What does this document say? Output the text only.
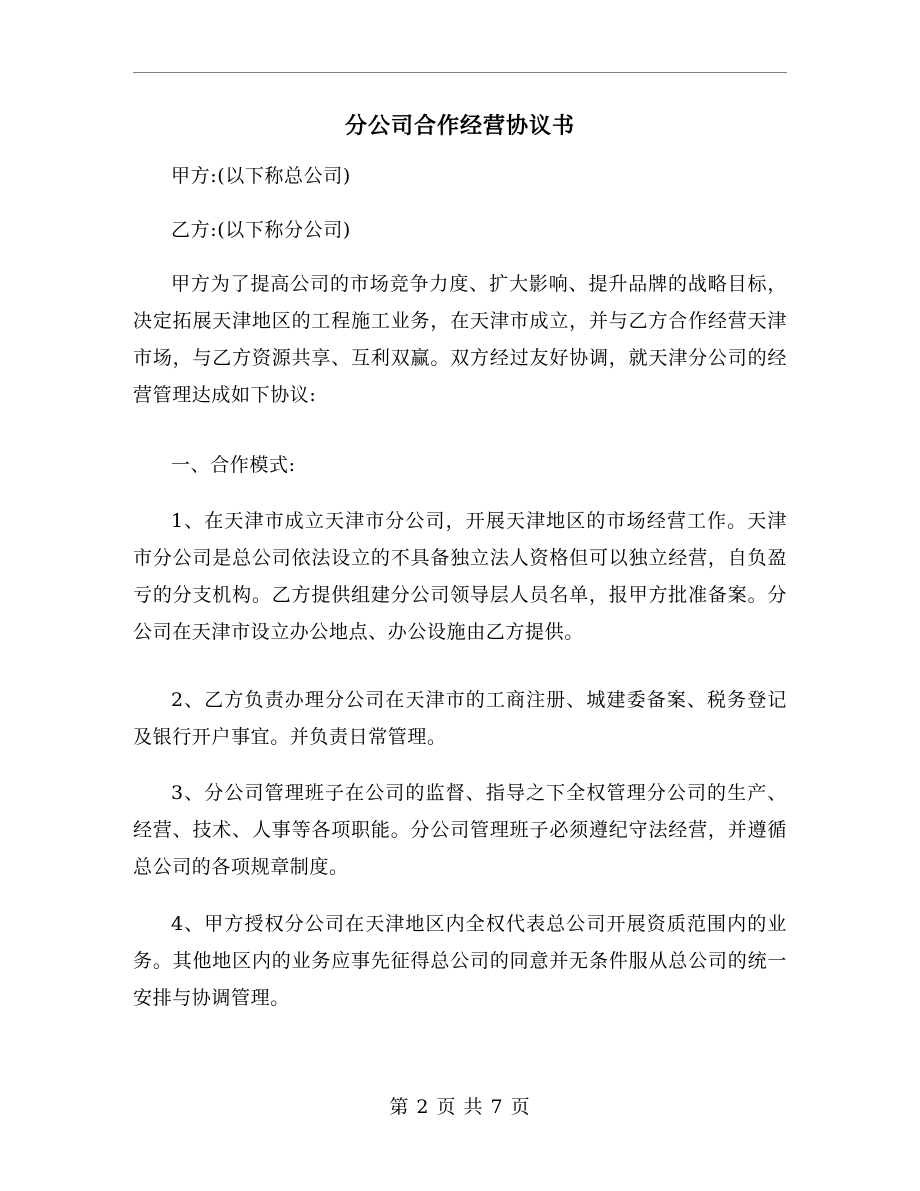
分公司合作经营协议书

甲方:(以下称总公司)

乙方:(以下称分公司)

甲方为了提高公司的市场竞争力度、扩大影响、提升品牌的战略目标，决定拓展天津地区的工程施工业务，在天津市成立，并与乙方合作经营天津市场，与乙方资源共享、互利双赢。双方经过友好协调，就天津分公司的经营管理达成如下协议:

一、合作模式:

1、在天津市成立天津市分公司，开展天津地区的市场经营工作。天津市分公司是总公司依法设立的不具备独立法人资格但可以独立经营，自负盈亏的分支机构。乙方提供组建分公司领导层人员名单，报甲方批准备案。分公司在天津市设立办公地点、办公设施由乙方提供。

2、乙方负责办理分公司在天津市的工商注册、城建委备案、税务登记及银行开户事宜。并负责日常管理。

3、分公司管理班子在公司的监督、指导之下全权管理分公司的生产、经营、技术、人事等各项职能。分公司管理班子必须遵纪守法经营，并遵循总公司的各项规章制度。

4、甲方授权分公司在天津地区内全权代表总公司开展资质范围内的业务。其他地区内的业务应事先征得总公司的同意并无条件服从总公司的统一安排与协调管理。

第 2 页 共 7 页
